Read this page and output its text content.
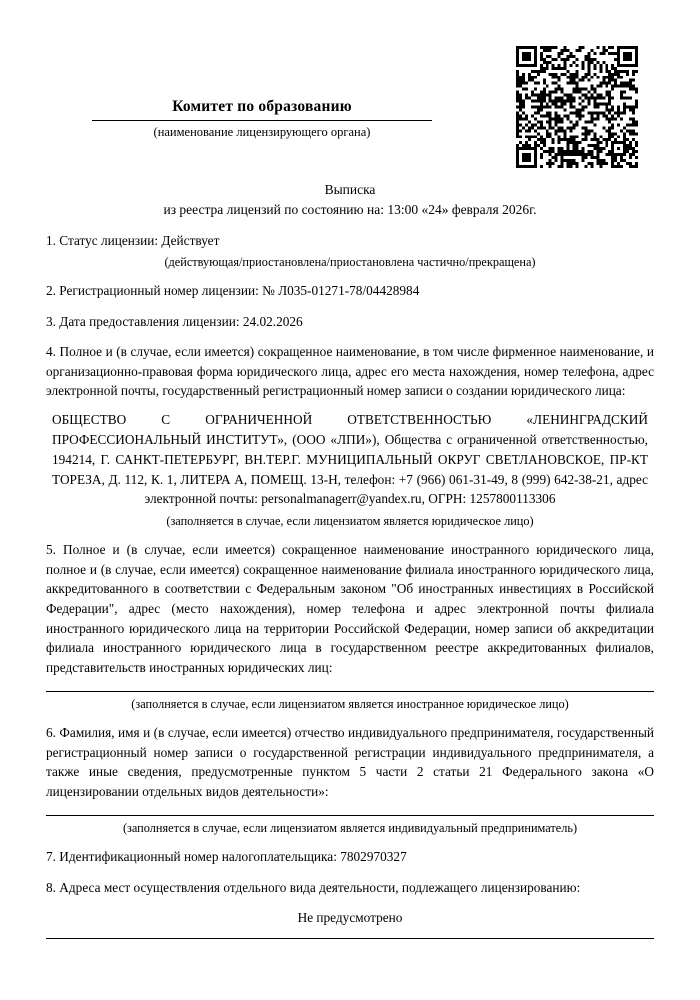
Комитет по образованию
(наименование лицензирующего органа)
Выписка
из реестра лицензий по состоянию на: 13:00 «24» февраля 2026г.
1. Статус лицензии: Действует
(действующая/приостановлена/приостановлена частично/прекращена)
2. Регистрационный номер лицензии: № Л035-01271-78/04428984
3. Дата предоставления лицензии: 24.02.2026
4. Полное и (в случае, если имеется) сокращенное наименование, в том числе фирменное наименование, и организационно-правовая форма юридического лица, адрес его места нахождения, номер телефона, адрес электронной почты, государственный регистрационный номер записи о создании юридического лица:
ОБЩЕСТВО С ОГРАНИЧЕННОЙ ОТВЕТСТВЕННОСТЬЮ «ЛЕНИНГРАДСКИЙ ПРОФЕССИОНАЛЬНЫЙ ИНСТИТУТ», (ООО «ЛПИ»), Общества с ограниченной ответственностью, 194214, Г. САНКТ-ПЕТЕРБУРГ, ВН.ТЕР.Г. МУНИЦИПАЛЬНЫЙ ОКРУГ СВЕТЛАНОВСКОЕ, ПР-КТ ТОРЕЗА, Д. 112, К. 1, ЛИТЕРА А, ПОМЕЩ. 13-Н, телефон: +7 (966) 061-31-49, 8 (999) 642-38-21, адрес электронной почты: personalmanagerr@yandex.ru, ОГРН: 1257800113306
(заполняется в случае, если лицензиатом является юридическое лицо)
5. Полное и (в случае, если имеется) сокращенное наименование иностранного юридического лица, полное и (в случае, если имеется) сокращенное наименование филиала иностранного юридического лица, аккредитованного в соответствии с Федеральным законом "Об иностранных инвестициях в Российской Федерации", адрес (место нахождения), номер телефона и адрес электронной почты филиала иностранного юридического лица на территории Российской Федерации, номер записи об аккредитации филиала иностранного юридического лица в государственном реестре аккредитованных филиалов, представительств иностранных юридических лиц:
(заполняется в случае, если лицензиатом является иностранное юридическое лицо)
6. Фамилия, имя и (в случае, если имеется) отчество индивидуального предпринимателя, государственный регистрационный номер записи о государственной регистрации индивидуального предпринимателя, а также иные сведения, предусмотренные пунктом 5 части 2 статьи 21 Федерального закона «О лицензировании отдельных видов деятельности»:
(заполняется в случае, если лицензиатом является индивидуальный предприниматель)
7. Идентификационный номер налогоплательщика: 7802970327
8. Адреса мест осуществления отдельного вида деятельности, подлежащего лицензированию:
Не предусмотрено
